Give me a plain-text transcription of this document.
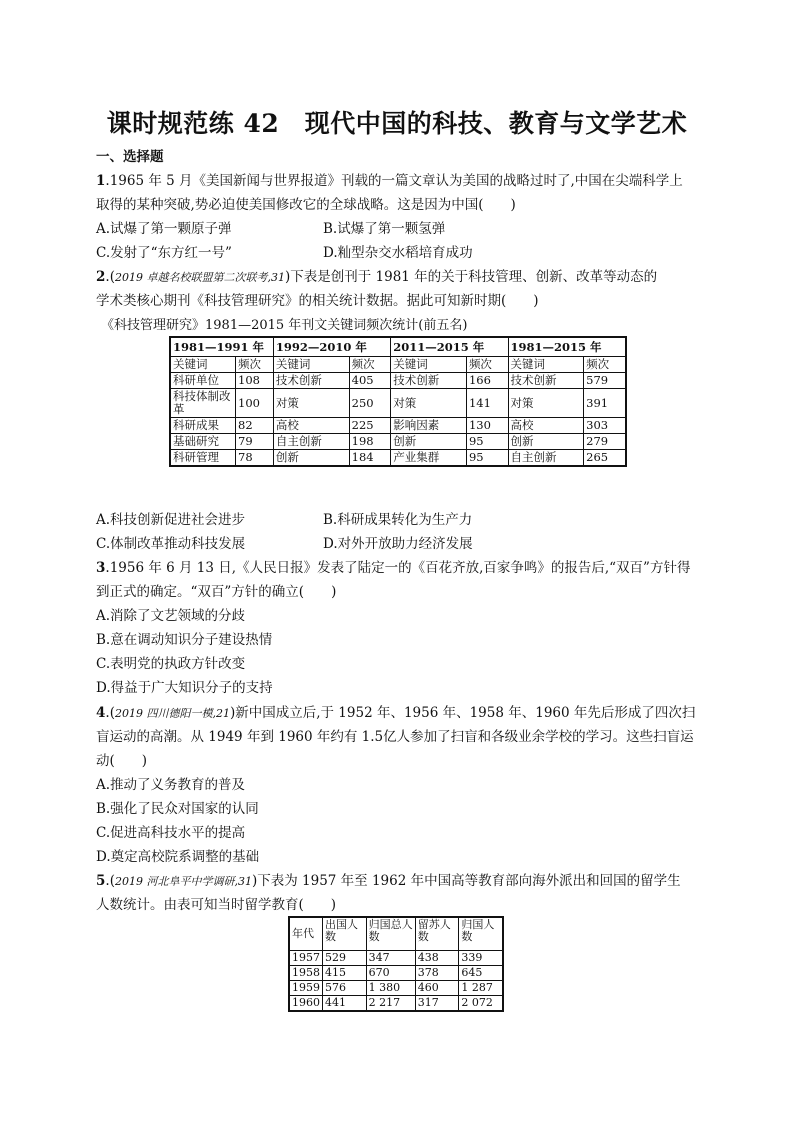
课时规范练 42　现代中国的科技、教育与文学艺术
一、选择题
1.1965 年 5 月《美国新闻与世界报道》刊载的一篇文章认为美国的战略过时了,中国在尖端科学上
取得的某种突破,势必迫使美国修改它的全球战略。这是因为中国(　　)
A.试爆了第一颗原子弹	B.试爆了第一颗氢弹
C.发射了“东方红一号”	D.籼型杂交水稻培育成功
2.(2019 卓越名校联盟第二次联考,31)下表是创刊于 1981 年的关于科技管理、创新、改革等动态的
学术类核心期刊《科技管理研究》的相关统计数据。据此可知新时期(　　)
《科技管理研究》1981—2015 年刊文关键词频次统计(前五名)
1981—1991 年		1992—2010 年		2011—2015 年		1981—2015 年	
关键词	频次	关键词	频次	关键词	频次	关键词	频次
科研单位	108	技术创新	405	技术创新	166	技术创新	579
科技体制改革	100	对策	250	对策	141	对策	391
科研成果	82	高校	225	影响因素	130	高校	303
基础研究	79	自主创新	198	创新	95	创新	279
科研管理	78	创新	184	产业集群	95	自主创新	265
A.科技创新促进社会进步	B.科研成果转化为生产力
C.体制改革推动科技发展	D.对外开放助力经济发展
3.1956 年 6 月 13 日,《人民日报》发表了陆定一的《百花齐放,百家争鸣》的报告后,“双百”方针得
到正式的确定。“双百”方针的确立(　　)
A.消除了文艺领域的分歧
B.意在调动知识分子建设热情
C.表明党的执政方针改变
D.得益于广大知识分子的支持
4.(2019 四川德阳一模,21)新中国成立后,于 1952 年、1956 年、1958 年、1960 年先后形成了四次扫
盲运动的高潮。从 1949 年到 1960 年约有 1.5亿人参加了扫盲和各级业余学校的学习。这些扫盲运
动(　　)
A.推动了义务教育的普及
B.强化了民众对国家的认同
C.促进高科技水平的提高
D.奠定高校院系调整的基础
5.(2019 河北阜平中学调研,31)下表为 1957 年至 1962 年中国高等教育部向海外派出和回国的留学生
人数统计。由表可知当时留学教育(　　)
年代	出国人数	归国总人数	留苏人数	归国人数
1957	529	347	438	339
1958	415	670	378	645
1959	576	1 380	460	1 287
1960	441	2 217	317	2 072
